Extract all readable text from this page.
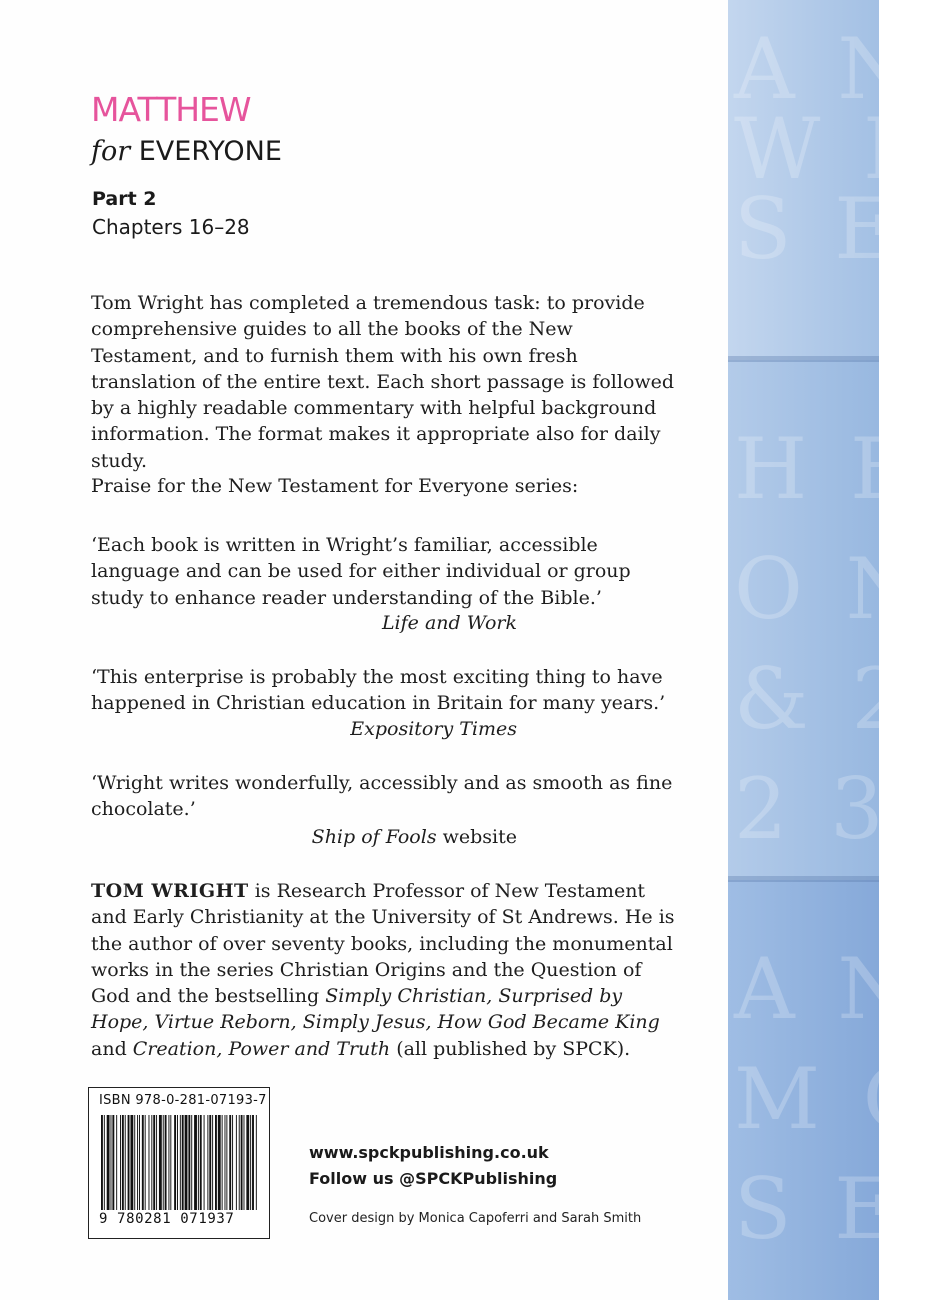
MATTHEW
for EVERYONE
Part 2
Chapters 16–28
Tom Wright has completed a tremendous task: to provide comprehensive guides to all the books of the New Testament, and to furnish them with his own fresh translation of the entire text. Each short passage is followed by a highly readable commentary with helpful background information. The format makes it appropriate also for daily study.
Praise for the New Testament for Everyone series:
‘Each book is written in Wright’s familiar, accessible language and can be used for either individual or group study to enhance reader understanding of the Bible.’
Life and Work
‘This enterprise is probably the most exciting thing to have happened in Christian education in Britain for many years.’
Expository Times
‘Wright writes wonderfully, accessibly and as smooth as fine chocolate.’
Ship of Fools website
TOM WRIGHT is Research Professor of New Testament and Early Christianity at the University of St Andrews. He is the author of over seventy books, including the monumental works in the series Christian Origins and the Question of God and the bestselling Simply Christian, Surprised by Hope, Virtue Reborn, Simply Jesus, How God Became King and Creation, Power and Truth (all published by SPCK).
ISBN 978-0-281-07193-7
9 780281 071937
www.spckpublishing.co.uk
Follow us @SPCKPublishing
Cover design by Monica Capoferri and Sarah Smith
A N
W I
S E
H E
O N
& 2
2 3
A N
M C
S E
